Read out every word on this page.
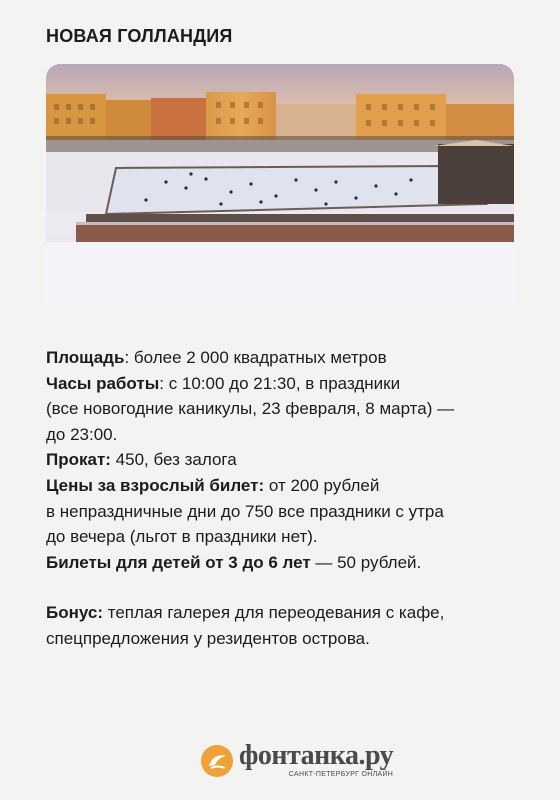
НОВАЯ ГОЛЛАНДИЯ

Площадь: более 2 000 квадратных метров

Часы работы: с 10:00 до 21:30, в праздники

(все новогодние каникулы, 23 февраля, 8 марта) —

до 23:00.

Прокат: 450, без залога

Цены за взрослый билет: от 200 рублей

в непраздничные дни до 750 все праздники с утра

до вечера (льгот в праздники нет).

Билеты для детей от 3 до 6 лет — 50 рублей.

Бонус: теплая галерея для переодевания с кафе,

спецпредложения у резидентов острова.

фонтанка.ру
САНКТ-ПЕТЕРБУРГ ОНЛАЙН
